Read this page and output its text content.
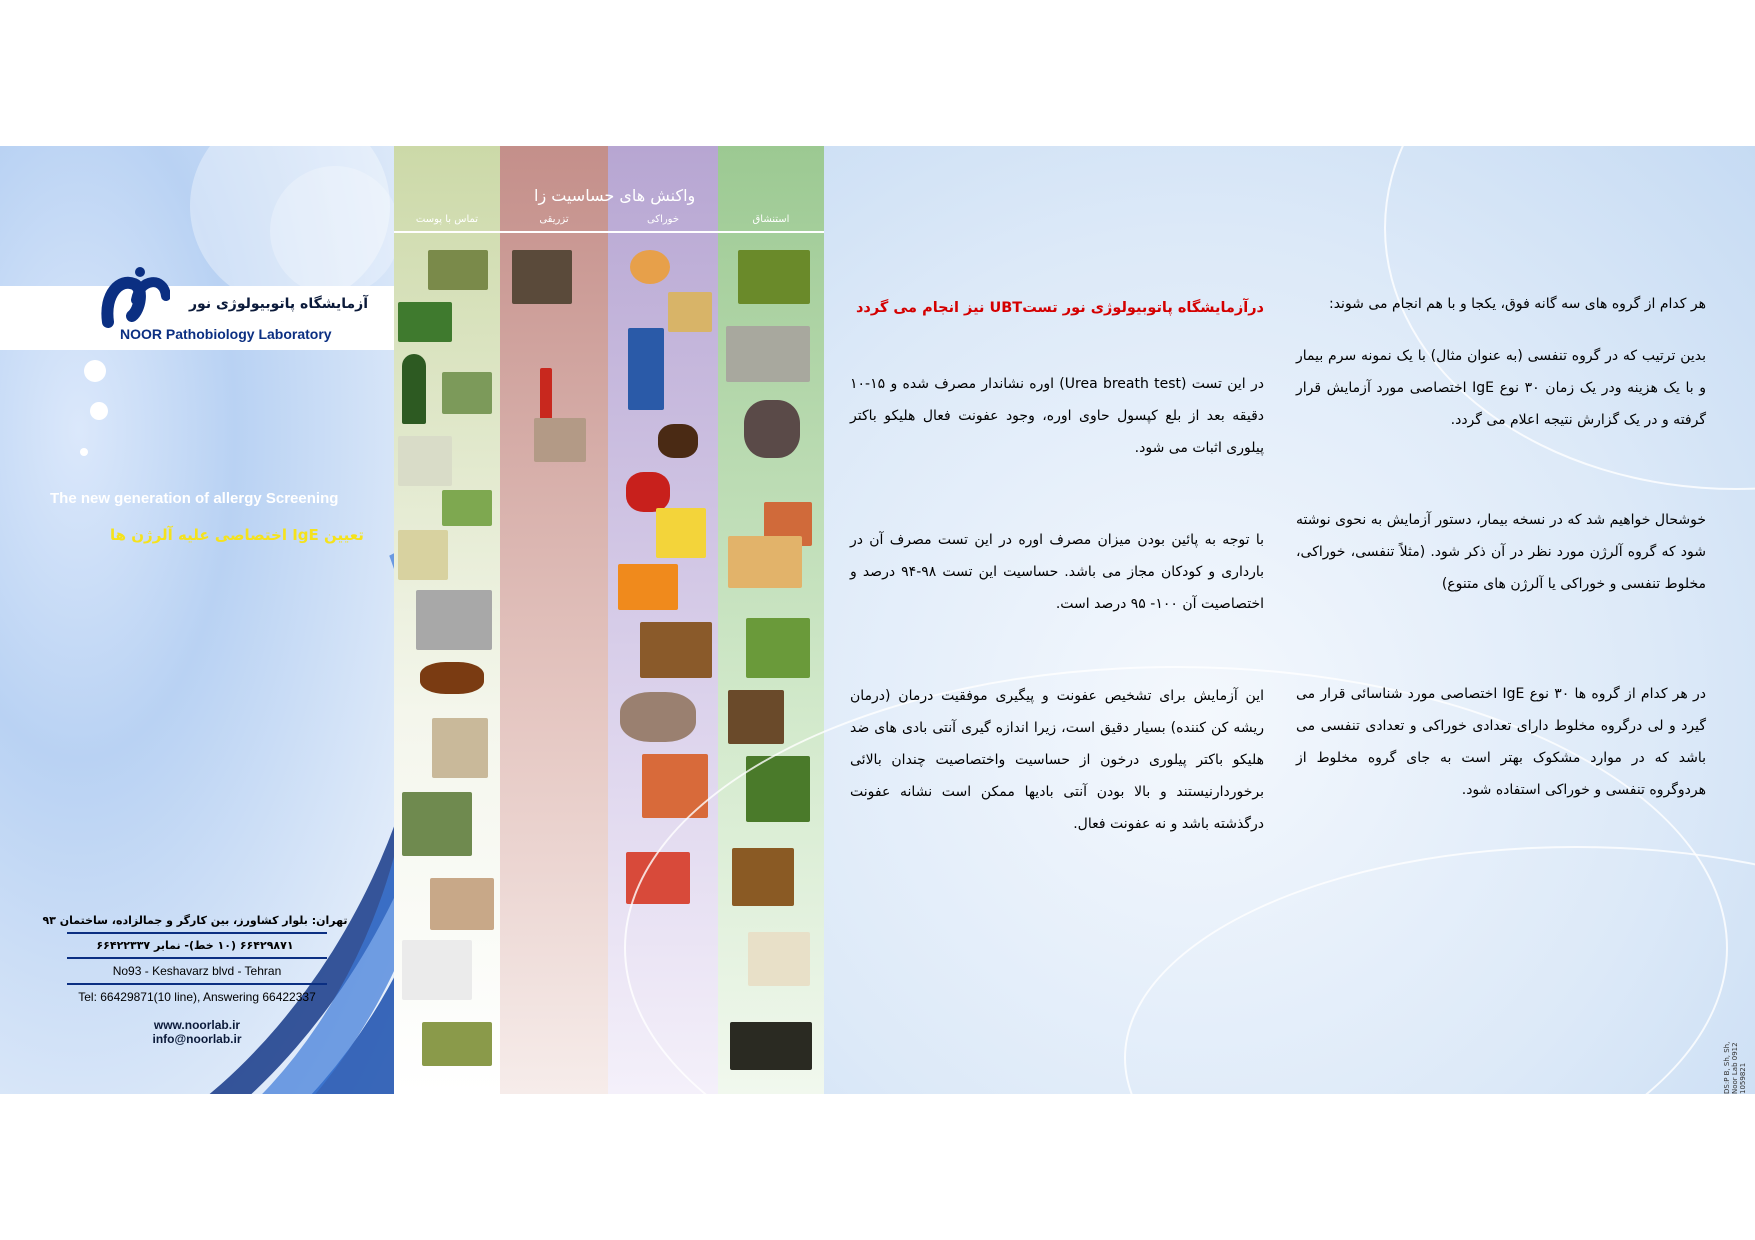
آزمایشگاه پاتوبیولوژی نور
NOOR Pathobiology Laboratory
The new generation of allergy Screening
تعیین IgE اختصاصی علیه آلرژن ها
تهران: بلوار کشاورز، بین کارگر و جمالزاده، ساختمان ۹۳
۶۶۴۲۹۸۷۱ (۱۰ خط)- نمابر ۶۶۴۲۲۳۳۷
No93 - Keshavarz blvd - Tehran
Tel: 66429871(10 line), Answering 66422337
www.noorlab.ir
info@noorlab.ir
تماس با پوست	تزریقی	خوراکی	استنشاق
واکنش های حساسیت زا
درآزمایشگاه پاتوبیولوژی نور تستUBT نیز انجام می گردد
در این تست (Urea breath test) اوره نشاندار مصرف شده و ۱۵-۱۰ دقیقه بعد از بلع کپسول حاوی اوره، وجود عفونت فعال هلیکو باکتر پیلوری اثبات می شود.
با توجه به پائین بودن میزان مصرف اوره در این تست مصرف آن در بارداری و کودکان مجاز می باشد. حساسیت این تست ۹۸-۹۴ درصد و اختصاصیت آن ۱۰۰- ۹۵ درصد است.
این آزمایش برای تشخیص عفونت و پیگیری موفقیت درمان (درمان ریشه کن کننده) بسیار دقیق است، زیرا اندازه گیری آنتی بادی های ضد هلیکو باکتر پیلوری درخون از حساسیت واختصاصیت چندان بالائی برخوردارنیستند و بالا بودن آنتی بادیها ممکن است نشانه عفونت درگذشته باشد و نه عفونت فعال.
هر کدام از گروه های سه گانه فوق، یکجا و با هم انجام می شوند:
بدین ترتیب که در گروه تنفسی (به عنوان مثال) با یک نمونه سرم بیمار و با یک هزینه ودر یک زمان ۳۰ نوع IgE اختصاصی مورد آزمایش قرار گرفته و در یک گزارش نتیجه اعلام می گردد.
خوشحال خواهیم شد که در نسخه بیمار، دستور آزمایش به نحوی نوشته شود که گروه آلرژن مورد نظر در آن ذکر شود. (مثلاً تنفسی، خوراکی، مخلوط تنفسی و خوراکی یا آلرژن های متنوع)
در هر کدام از گروه ها ۳۰ نوع IgE اختصاصی مورد شناسائی قرار می گیرد و لی درگروه مخلوط دارای تعدادی خوراکی و تعدادی تنفسی می باشد که در موارد مشکوک بهتر است به جای گروه مخلوط از هردوگروه تنفسی و خوراکی استفاده شود.
DS:P B, Sh, Sh, Noor Lab 0912 1059821
